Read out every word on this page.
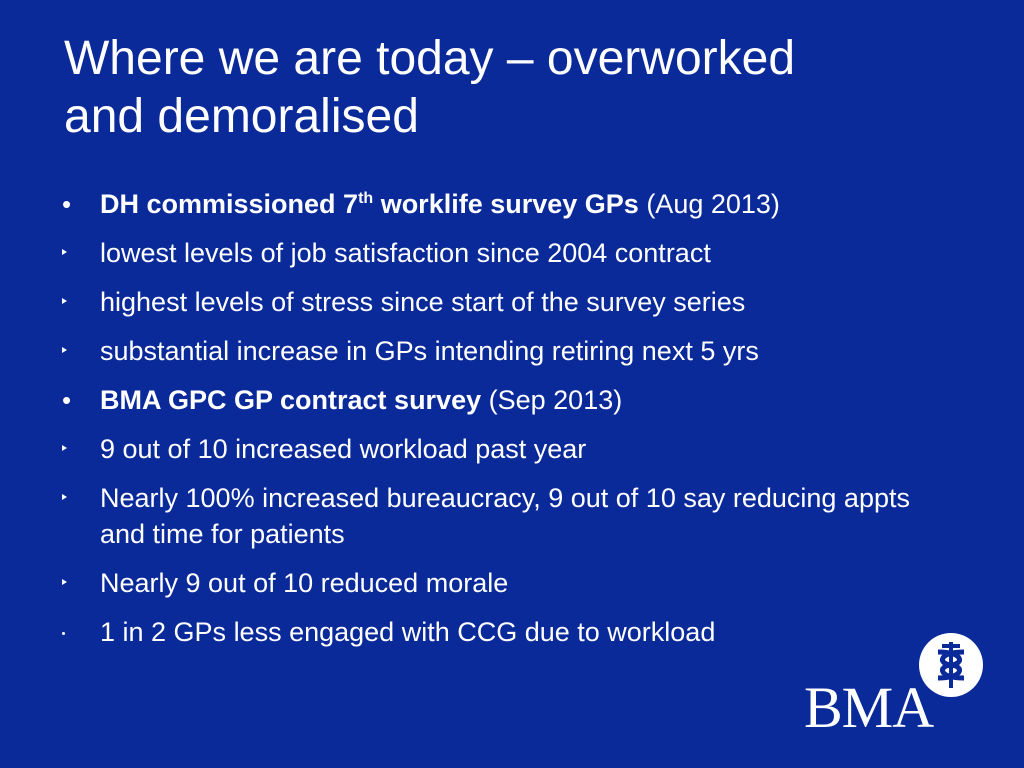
Where we are today – overworked
and demoralised
• DH commissioned 7th worklife survey GPs (Aug 2013)
lowest levels of job satisfaction since 2004 contract
highest levels of stress since start of the survey series
substantial increase in GPs intending retiring next 5 yrs
• BMA GPC GP contract survey (Sep 2013)
9 out of 10 increased workload past year
Nearly 100% increased bureaucracy, 9 out of 10 say reducing appts and time for patients
Nearly 9 out of 10 reduced morale
1 in 2 GPs less engaged with CCG due to workload
BMA
